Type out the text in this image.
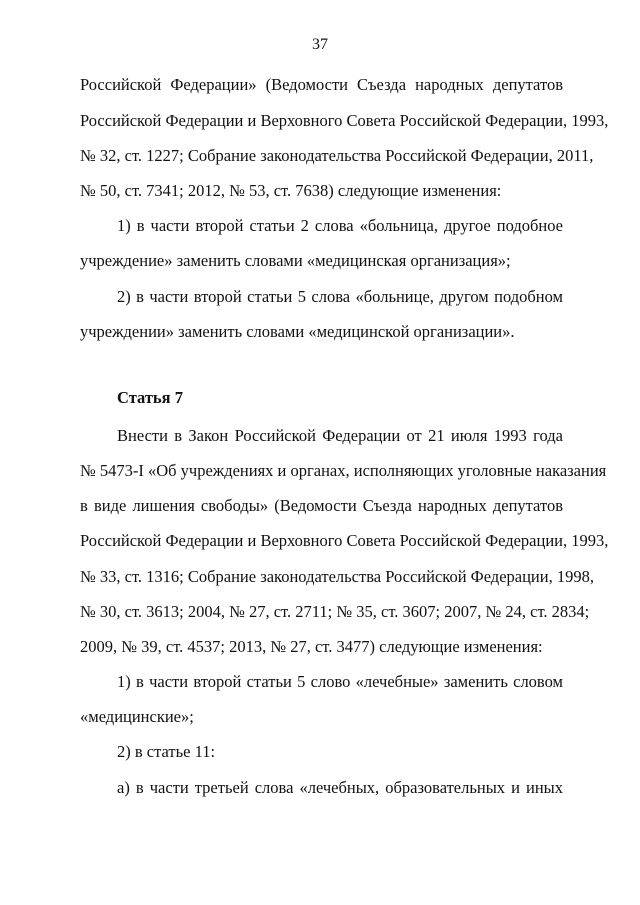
37
Российской Федерации» (Ведомости Съезда народных депутатов
Российской Федерации и Верховного Совета Российской Федерации, 1993,
№ 32, ст. 1227; Собрание законодательства Российской Федерации, 2011,
№ 50, ст. 7341; 2012, № 53, ст. 7638) следующие изменения:
1) в части второй статьи 2 слова «больница, другое подобное
учреждение» заменить словами «медицинская организация»;
2) в части второй статьи 5 слова «больнице, другом подобном
учреждении» заменить словами «медицинской организации».
Статья 7
Внести в Закон Российской Федерации от 21 июля 1993 года
№ 5473-I «Об учреждениях и органах, исполняющих уголовные наказания
в виде лишения свободы» (Ведомости Съезда народных депутатов
Российской Федерации и Верховного Совета Российской Федерации, 1993,
№ 33, ст. 1316; Собрание законодательства Российской Федерации, 1998,
№ 30, ст. 3613; 2004, № 27, ст. 2711; № 35, ст. 3607; 2007, № 24, ст. 2834;
2009, № 39, ст. 4537; 2013, № 27, ст. 3477) следующие изменения:
1) в части второй статьи 5 слово «лечебные» заменить словом
«медицинские»;
2) в статье 11:
а) в части третьей слова «лечебных, образовательных и иных
